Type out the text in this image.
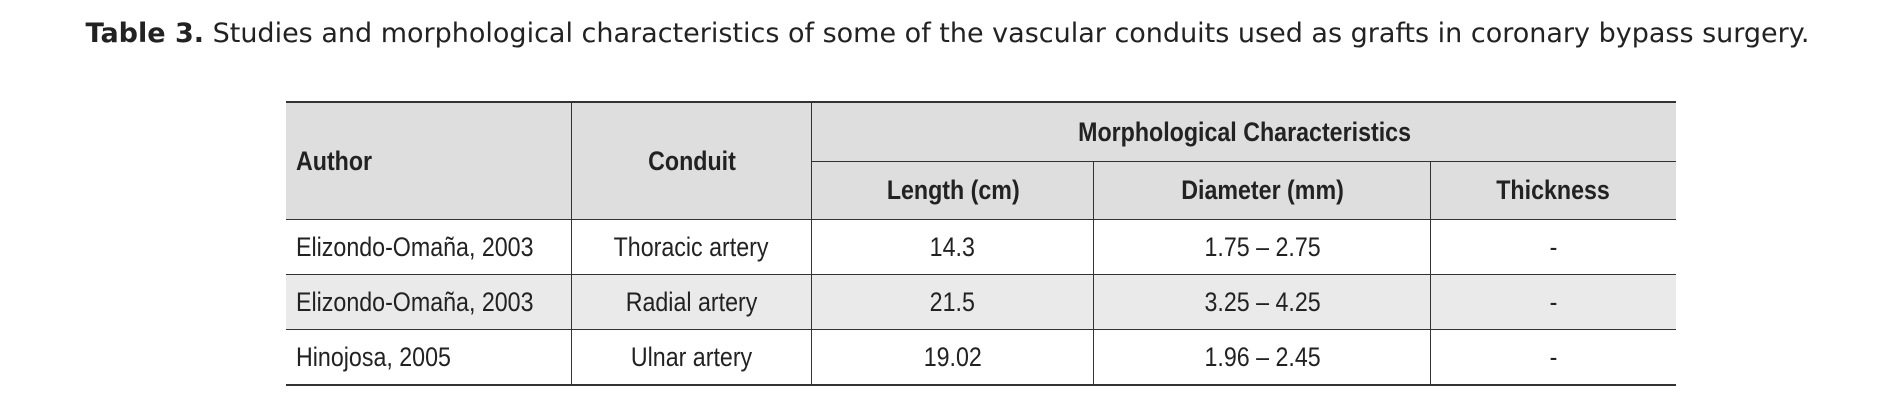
Table 3. Studies and morphological characteristics of some of the vascular conduits used as grafts in coronary bypass surgery.
Author	Conduit	Morphological Characteristics		
		Length (cm)	Diameter (mm)	Thickness
Elizondo-Omaña, 2003	Thoracic artery	14.3	1.75 – 2.75	-
Elizondo-Omaña, 2003	Radial artery	21.5	3.25 – 4.25	-
Hinojosa, 2005	Ulnar artery	19.02	1.96 – 2.45	-
